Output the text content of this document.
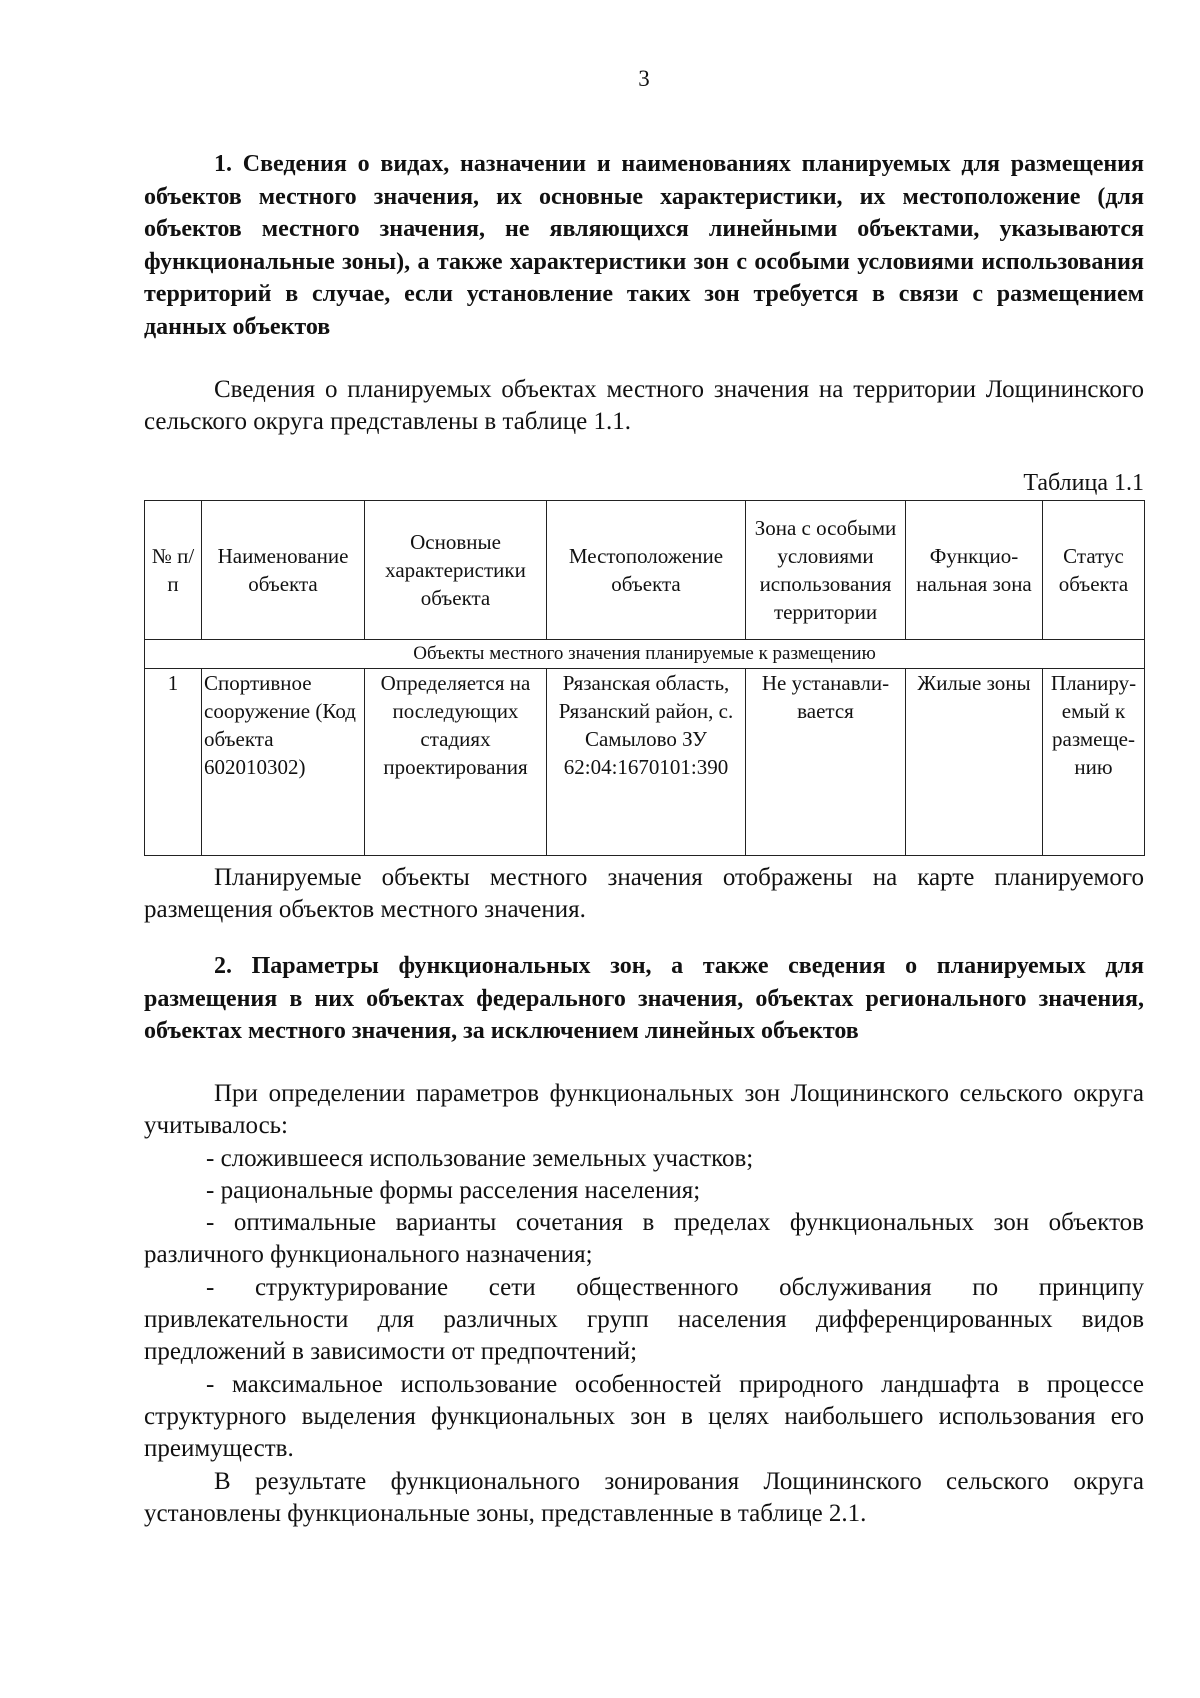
3

1. Сведения о видах, назначении и наименованиях планируемых для размещения объектов местного значения, их основные характеристики, их местоположение (для объектов местного значения, не являющихся линейными объектами, указываются функциональные зоны), а также характеристики зон с особыми условиями использования территорий в случае, если установление таких зон требуется в связи с размещением данных объектов

Сведения о планируемых объектах местного значения на территории Лощининского сельского округа представлены в таблице 1.1.

Таблица 1.1
№ п/п	Наименование объекта	Основные характеристики объекта	Местоположение объекта	Зона с особыми условиями использования территории	Функцио-нальная зона	Статус объекта
Объекты местного значения планируемые к размещению						
1	Спортивное сооружение (Код объекта 602010302)	Определяется на последующих стадиях проектирования	Рязанская область, Рязанский район, с. Самылово ЗУ 62:04:1670101:390	Не устанавли-вается	Жилые зоны	Планиру-емый к размеще-нию

Планируемые объекты местного значения отображены на карте планируемого размещения объектов местного значения.

2. Параметры функциональных зон, а также сведения о планируемых для размещения в них объектах федерального значения, объектах регионального значения, объектах местного значения, за исключением линейных объектов

При определении параметров функциональных зон Лощининского сельского округа учитывалось:

- сложившееся использование земельных участков;

- рациональные формы расселения населения;

- оптимальные варианты сочетания в пределах функциональных зон объектов различного функционального назначения;

- структурирование сети общественного обслуживания по принципу привлекательности для различных групп населения дифференцированных видов предложений в зависимости от предпочтений;

- максимальное использование особенностей природного ландшафта в процессе структурного выделения функциональных зон в целях наибольшего использования его преимуществ.

В результате функционального зонирования Лощининского сельского округа установлены функциональные зоны, представленные в таблице 2.1.
